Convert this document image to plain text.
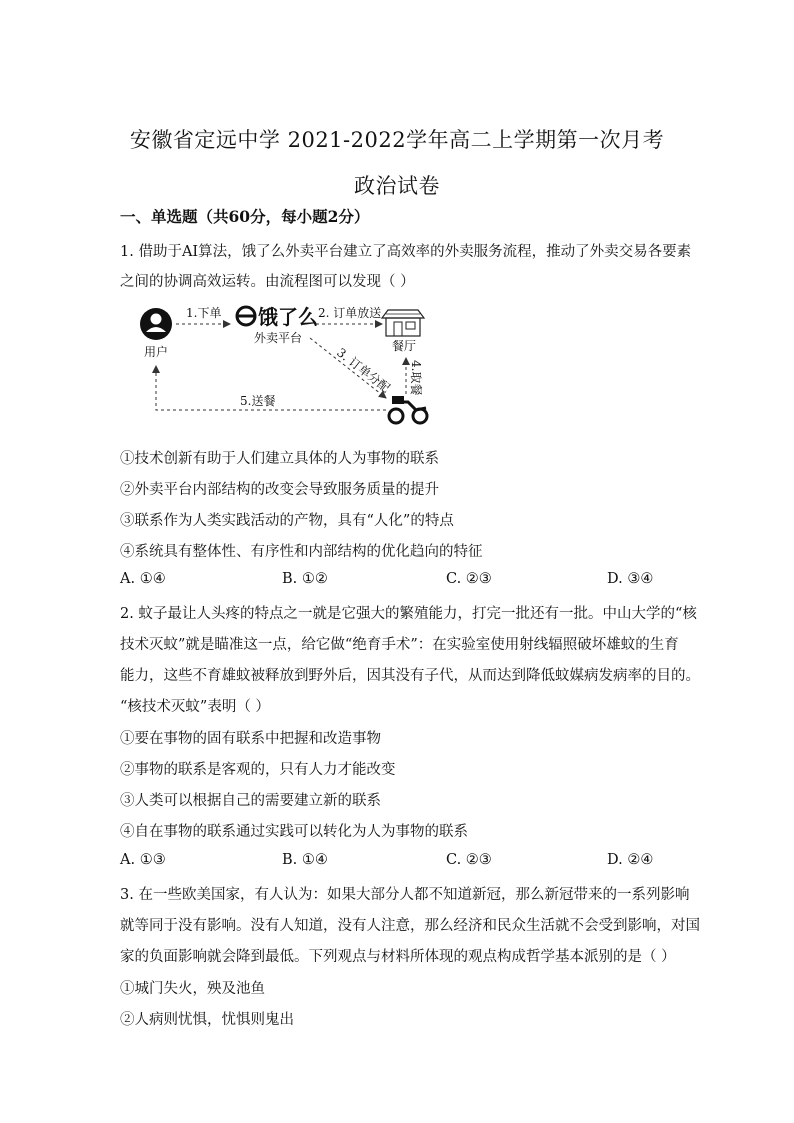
安徽省定远中学 2021-2022学年高二上学期第一次月考
政治试卷
一、单选题（共60分，每小题2分）
1. 借助于AI算法，饿了么外卖平台建立了高效率的外卖服务流程，推动了外卖交易各要素
之间的协调高效运转。由流程图可以发现（ ）
用户
1.下单 饿了么
外卖平台
2. 订单放送
餐厅
3. 订单分配 4.取餐
5.送餐
①技术创新有助于人们建立具体的人为事物的联系
②外卖平台内部结构的改变会导致服务质量的提升
③联系作为人类实践活动的产物，具有“人化”的特点
④系统具有整体性、有序性和内部结构的优化趋向的特征
A. ①④	B. ①②	C. ②③	D. ③④
2. 蚊子最让人头疼的特点之一就是它强大的繁殖能力，打完一批还有一批。中山大学的“核
技术灭蚊”就是瞄准这一点，给它做“绝育手术”：在实验室使用射线辐照破坏雄蚊的生育
能力，这些不育雄蚊被释放到野外后，因其没有子代，从而达到降低蚊媒病发病率的目的。
“核技术灭蚊”表明（ ）
①要在事物的固有联系中把握和改造事物
②事物的联系是客观的，只有人力才能改变
③人类可以根据自己的需要建立新的联系
④自在事物的联系通过实践可以转化为人为事物的联系
A. ①③	B. ①④	C. ②③	D. ②④
3. 在一些欧美国家，有人认为：如果大部分人都不知道新冠，那么新冠带来的一系列影响
就等同于没有影响。没有人知道，没有人注意，那么经济和民众生活就不会受到影响，对国
家的负面影响就会降到最低。下列观点与材料所体现的观点构成哲学基本派别的是（ ）
①城门失火，殃及池鱼
②人病则忧惧，忧惧则鬼出
